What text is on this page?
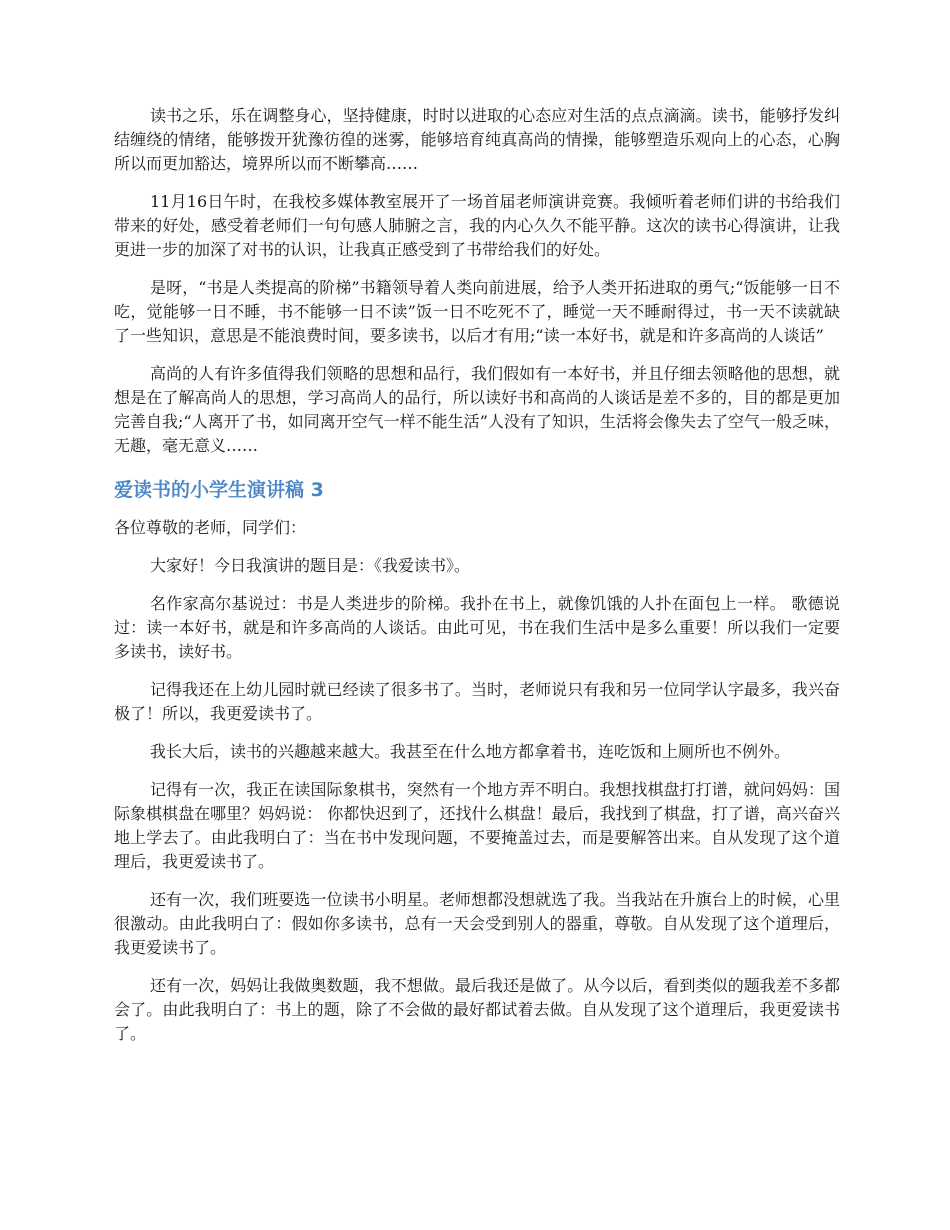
读书之乐，乐在调整身心，坚持健康，时时以进取的心态应对生活的点点滴滴。读书，能够抒发纠结缠绕的情绪，能够拨开犹豫彷徨的迷雾，能够培育纯真高尚的情操，能够塑造乐观向上的心态，心胸所以而更加豁达，境界所以而不断攀高……

11月16日午时，在我校多媒体教室展开了一场首届老师演讲竞赛。我倾听着老师们讲的书给我们带来的好处，感受着老师们一句句感人肺腑之言，我的内心久久不能平静。这次的读书心得演讲，让我更进一步的加深了对书的认识，让我真正感受到了书带给我们的好处。

是呀，“书是人类提高的阶梯”书籍领导着人类向前进展，给予人类开拓进取的勇气;“饭能够一日不吃，觉能够一日不睡，书不能够一日不读”饭一日不吃死不了，睡觉一天不睡耐得过，书一天不读就缺了一些知识，意思是不能浪费时间，要多读书，以后才有用;“读一本好书，就是和许多高尚的人谈话”

高尚的人有许多值得我们领略的思想和品行，我们假如有一本好书，并且仔细去领略他的思想，就想是在了解高尚人的思想，学习高尚人的品行，所以读好书和高尚的人谈话是差不多的，目的都是更加完善自我;“人离开了书，如同离开空气一样不能生活”人没有了知识，生活将会像失去了空气一般乏味，无趣，毫无意义……

爱读书的小学生演讲稿 3

各位尊敬的老师，同学们：

大家好！今日我演讲的题目是：《我爱读书》。

名作家高尔基说过：书是人类进步的阶梯。我扑在书上，就像饥饿的人扑在面包上一样。 歌德说过：读一本好书，就是和许多高尚的人谈话。由此可见，书在我们生活中是多么重要！所以我们一定要多读书，读好书。

记得我还在上幼儿园时就已经读了很多书了。当时，老师说只有我和另一位同学认字最多，我兴奋极了！所以，我更爱读书了。

我长大后，读书的兴趣越来越大。我甚至在什么地方都拿着书，连吃饭和上厕所也不例外。

记得有一次，我正在读国际象棋书，突然有一个地方弄不明白。我想找棋盘打打谱，就问妈妈：国际象棋棋盘在哪里？妈妈说： 你都快迟到了，还找什么棋盘！最后，我找到了棋盘，打了谱，高兴奋兴地上学去了。由此我明白了：当在书中发现问题，不要掩盖过去，而是要解答出来。自从发现了这个道理后，我更爱读书了。

还有一次，我们班要选一位读书小明星。老师想都没想就选了我。当我站在升旗台上的时候，心里很激动。由此我明白了：假如你多读书，总有一天会受到别人的器重，尊敬。自从发现了这个道理后，我更爱读书了。

还有一次，妈妈让我做奥数题，我不想做。最后我还是做了。从今以后，看到类似的题我差不多都会了。由此我明白了：书上的题，除了不会做的最好都试着去做。自从发现了这个道理后，我更爱读书了。
